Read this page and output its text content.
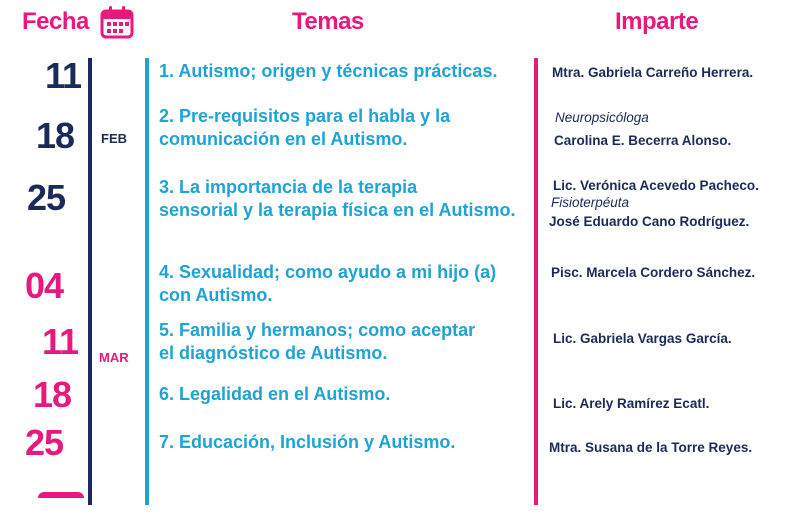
Fecha	Temas	Imparte
11
18
25
04
11
18
25
FEB
MAR
1. Autismo; origen y técnicas prácticas.
2. Pre-requisitos para el habla y la
comunicación en el Autismo.
3. La importancia de la terapia
sensorial y la terapia física en el Autismo.
4. Sexualidad; como ayudo a mi hijo (a)
con Autismo.
5. Familia y hermanos; como aceptar
el diagnóstico de Autismo.
6. Legalidad en el Autismo.
7. Educación, Inclusión y Autismo.
Mtra. Gabriela Carreño Herrera.
Neuropsicóloga
Carolina E. Becerra Alonso.
Lic. Verónica Acevedo Pacheco.
Fisioterpéuta
José Eduardo Cano Rodríguez.
Pisc. Marcela Cordero Sánchez.
Lic. Gabriela Vargas García.
Lic. Arely Ramírez Ecatl.
Mtra. Susana de la Torre Reyes.
